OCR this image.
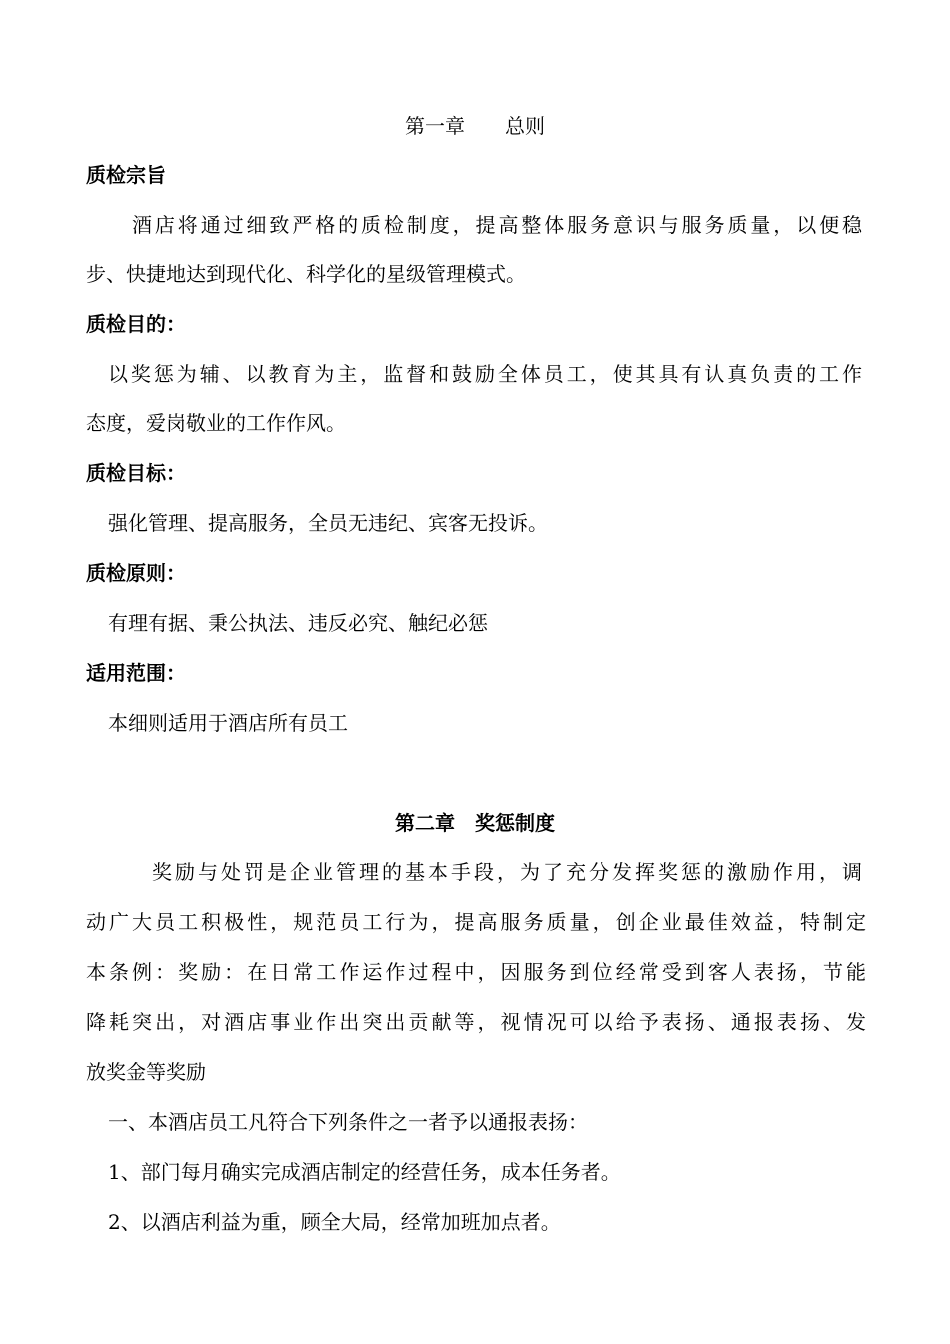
第一章　　总则

质检宗旨

酒店将通过细致严格的质检制度，提高整体服务意识与服务质量，以便稳

步、快捷地达到现代化、科学化的星级管理模式。

质检目的：

以奖惩为辅、以教育为主，监督和鼓励全体员工，使其具有认真负责的工作

态度，爱岗敬业的工作作风。

质检目标：

强化管理、提高服务，全员无违纪、宾客无投诉。

质检原则：

有理有据、秉公执法、违反必究、触纪必惩

适用范围：

本细则适用于酒店所有员工

第二章　奖惩制度

奖励与处罚是企业管理的基本手段，为了充分发挥奖惩的激励作用，调

动广大员工积极性，规范员工行为，提高服务质量，创企业最佳效益，特制定

本条例：奖励：在日常工作运作过程中，因服务到位经常受到客人表扬，节能

降耗突出，对酒店事业作出突出贡献等，视情况可以给予表扬、通报表扬、发

放奖金等奖励

一、本酒店员工凡符合下列条件之一者予以通报表扬：

1、部门每月确实完成酒店制定的经营任务，成本任务者。

2、以酒店利益为重，顾全大局，经常加班加点者。
